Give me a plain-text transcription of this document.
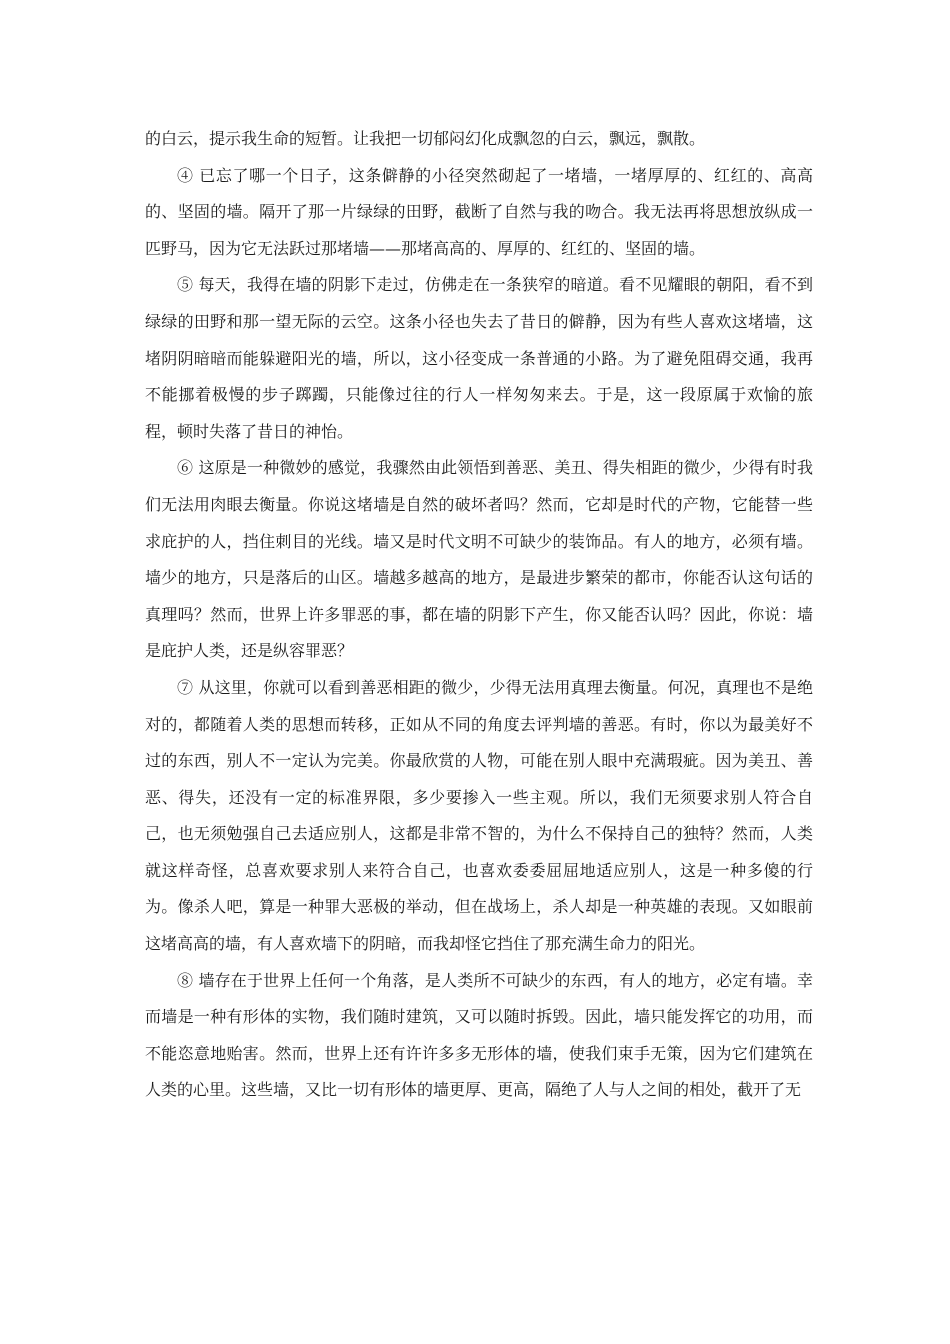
的白云，提示我生命的短暂。让我把一切郁闷幻化成飘忽的白云，飘远，飘散。

④ 已忘了哪一个日子，这条僻静的小径突然砌起了一堵墙，一堵厚厚的、红红的、高高的、坚固的墙。隔开了那一片绿绿的田野，截断了自然与我的吻合。我无法再将思想放纵成一匹野马，因为它无法跃过那堵墙——那堵高高的、厚厚的、红红的、坚固的墙。

⑤ 每天，我得在墙的阴影下走过，仿佛走在一条狭窄的暗道。看不见耀眼的朝阳，看不到绿绿的田野和那一望无际的云空。这条小径也失去了昔日的僻静，因为有些人喜欢这堵墙，这堵阴阴暗暗而能躲避阳光的墙，所以，这小径变成一条普通的小路。为了避免阻碍交通，我再不能挪着极慢的步子踯躅，只能像过往的行人一样匆匆来去。于是，这一段原属于欢愉的旅程，顿时失落了昔日的神怡。

⑥ 这原是一种微妙的感觉，我骤然由此领悟到善恶、美丑、得失相距的微少，少得有时我们无法用肉眼去衡量。你说这堵墙是自然的破坏者吗？然而，它却是时代的产物，它能替一些求庇护的人，挡住刺目的光线。墙又是时代文明不可缺少的装饰品。有人的地方，必须有墙。墙少的地方，只是落后的山区。墙越多越高的地方，是最进步繁荣的都市，你能否认这句话的真理吗？然而，世界上许多罪恶的事，都在墙的阴影下产生，你又能否认吗？因此，你说：墙是庇护人类，还是纵容罪恶？

⑦ 从这里，你就可以看到善恶相距的微少，少得无法用真理去衡量。何况，真理也不是绝对的，都随着人类的思想而转移，正如从不同的角度去评判墙的善恶。有时，你以为最美好不过的东西，别人不一定认为完美。你最欣赏的人物，可能在别人眼中充满瑕疵。因为美丑、善恶、得失，还没有一定的标准界限，多少要掺入一些主观。所以，我们无须要求别人符合自己，也无须勉强自己去适应别人，这都是非常不智的，为什么不保持自己的独特？然而，人类就这样奇怪，总喜欢要求别人来符合自己，也喜欢委委屈屈地适应别人，这是一种多傻的行为。像杀人吧，算是一种罪大恶极的举动，但在战场上，杀人却是一种英雄的表现。又如眼前这堵高高的墙，有人喜欢墙下的阴暗，而我却怪它挡住了那充满生命力的阳光。

⑧ 墙存在于世界上任何一个角落，是人类所不可缺少的东西，有人的地方，必定有墙。幸而墙是一种有形体的实物，我们随时建筑，又可以随时拆毁。因此，墙只能发挥它的功用，而不能恣意地贻害。然而，世界上还有许许多多无形体的墙，使我们束手无策，因为它们建筑在人类的心里。这些墙，又比一切有形体的墙更厚、更高，隔绝了人与人之间的相处，截开了无
